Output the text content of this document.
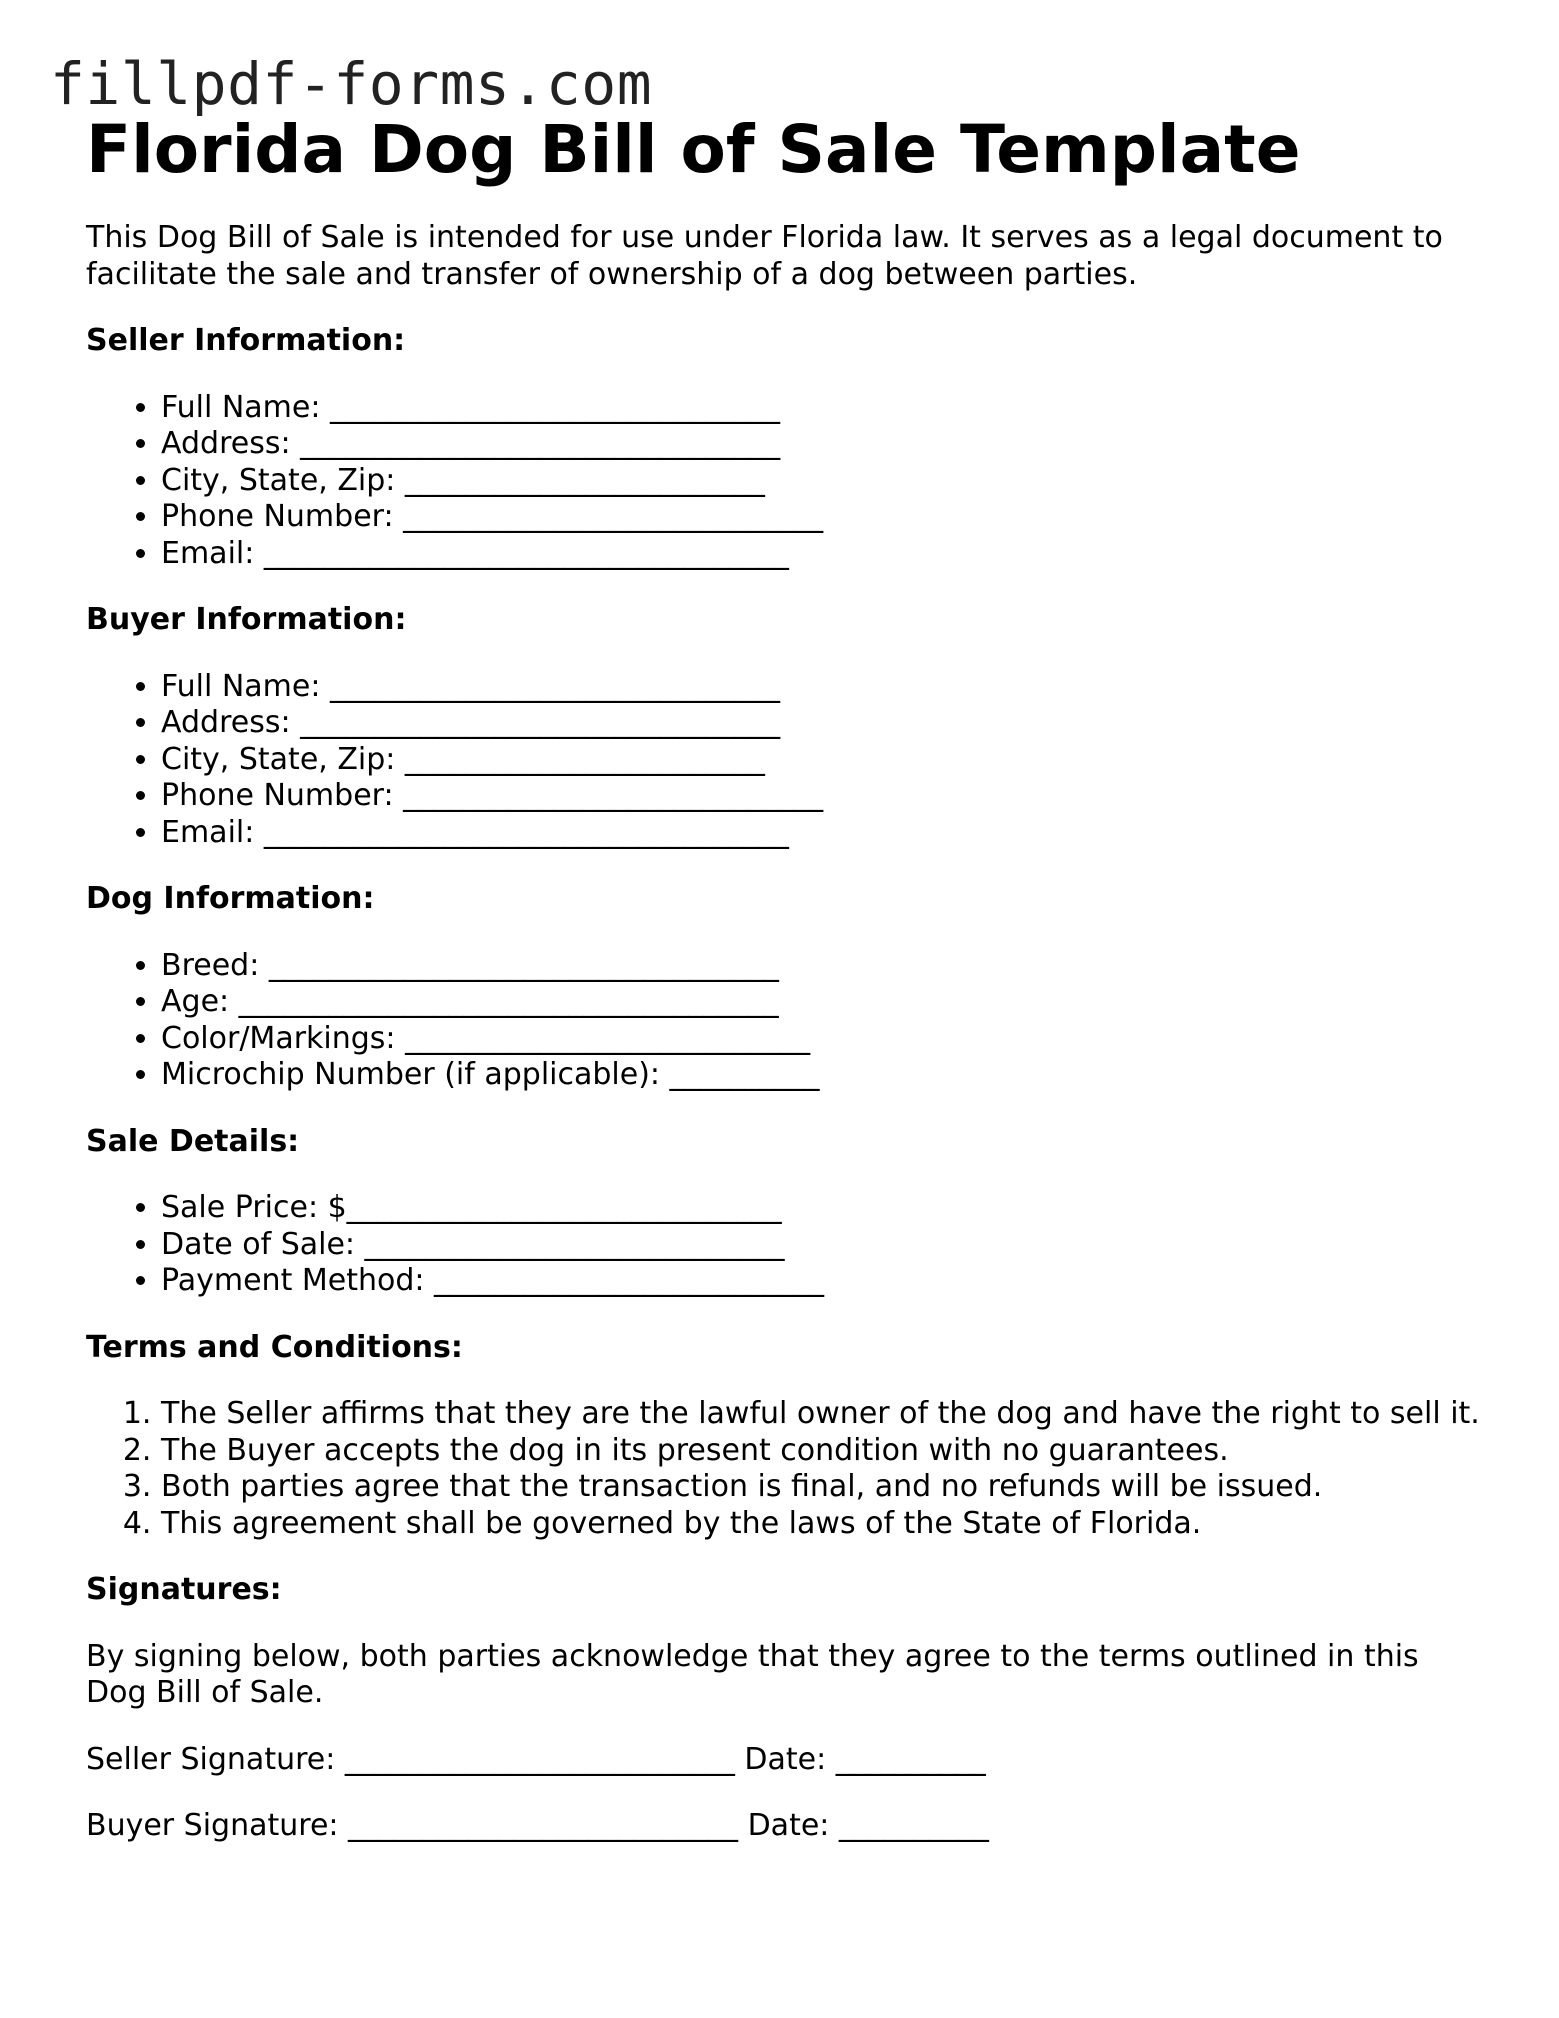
fillpdf-forms.com
Florida Dog Bill of Sale Template

This Dog Bill of Sale is intended for use under Florida law. It serves as a legal document to facilitate the sale and transfer of ownership of a dog between parties.

Seller Information:
• Full Name: ______________________________
• Address: ________________________________
• City, State, Zip: ________________________
• Phone Number: ____________________________
• Email: ___________________________________
Buyer Information:
• Full Name: ______________________________
• Address: ________________________________
• City, State, Zip: ________________________
• Phone Number: ____________________________
• Email: ___________________________________
Dog Information:
• Breed: __________________________________
• Age: ____________________________________
• Color/Markings: ___________________________
• Microchip Number (if applicable): __________
Sale Details:
• Sale Price: $_____________________________
• Date of Sale: ____________________________
• Payment Method: __________________________
Terms and Conditions:
1. The Seller affirms that they are the lawful owner of the dog and have the right to sell it.
2. The Buyer accepts the dog in its present condition with no guarantees.
3. Both parties agree that the transaction is final, and no refunds will be issued.
4. This agreement shall be governed by the laws of the State of Florida.
Signatures:

By signing below, both parties acknowledge that they agree to the terms outlined in this Dog Bill of Sale.

Seller Signature: __________________________ Date: __________

Buyer Signature: __________________________ Date: __________
